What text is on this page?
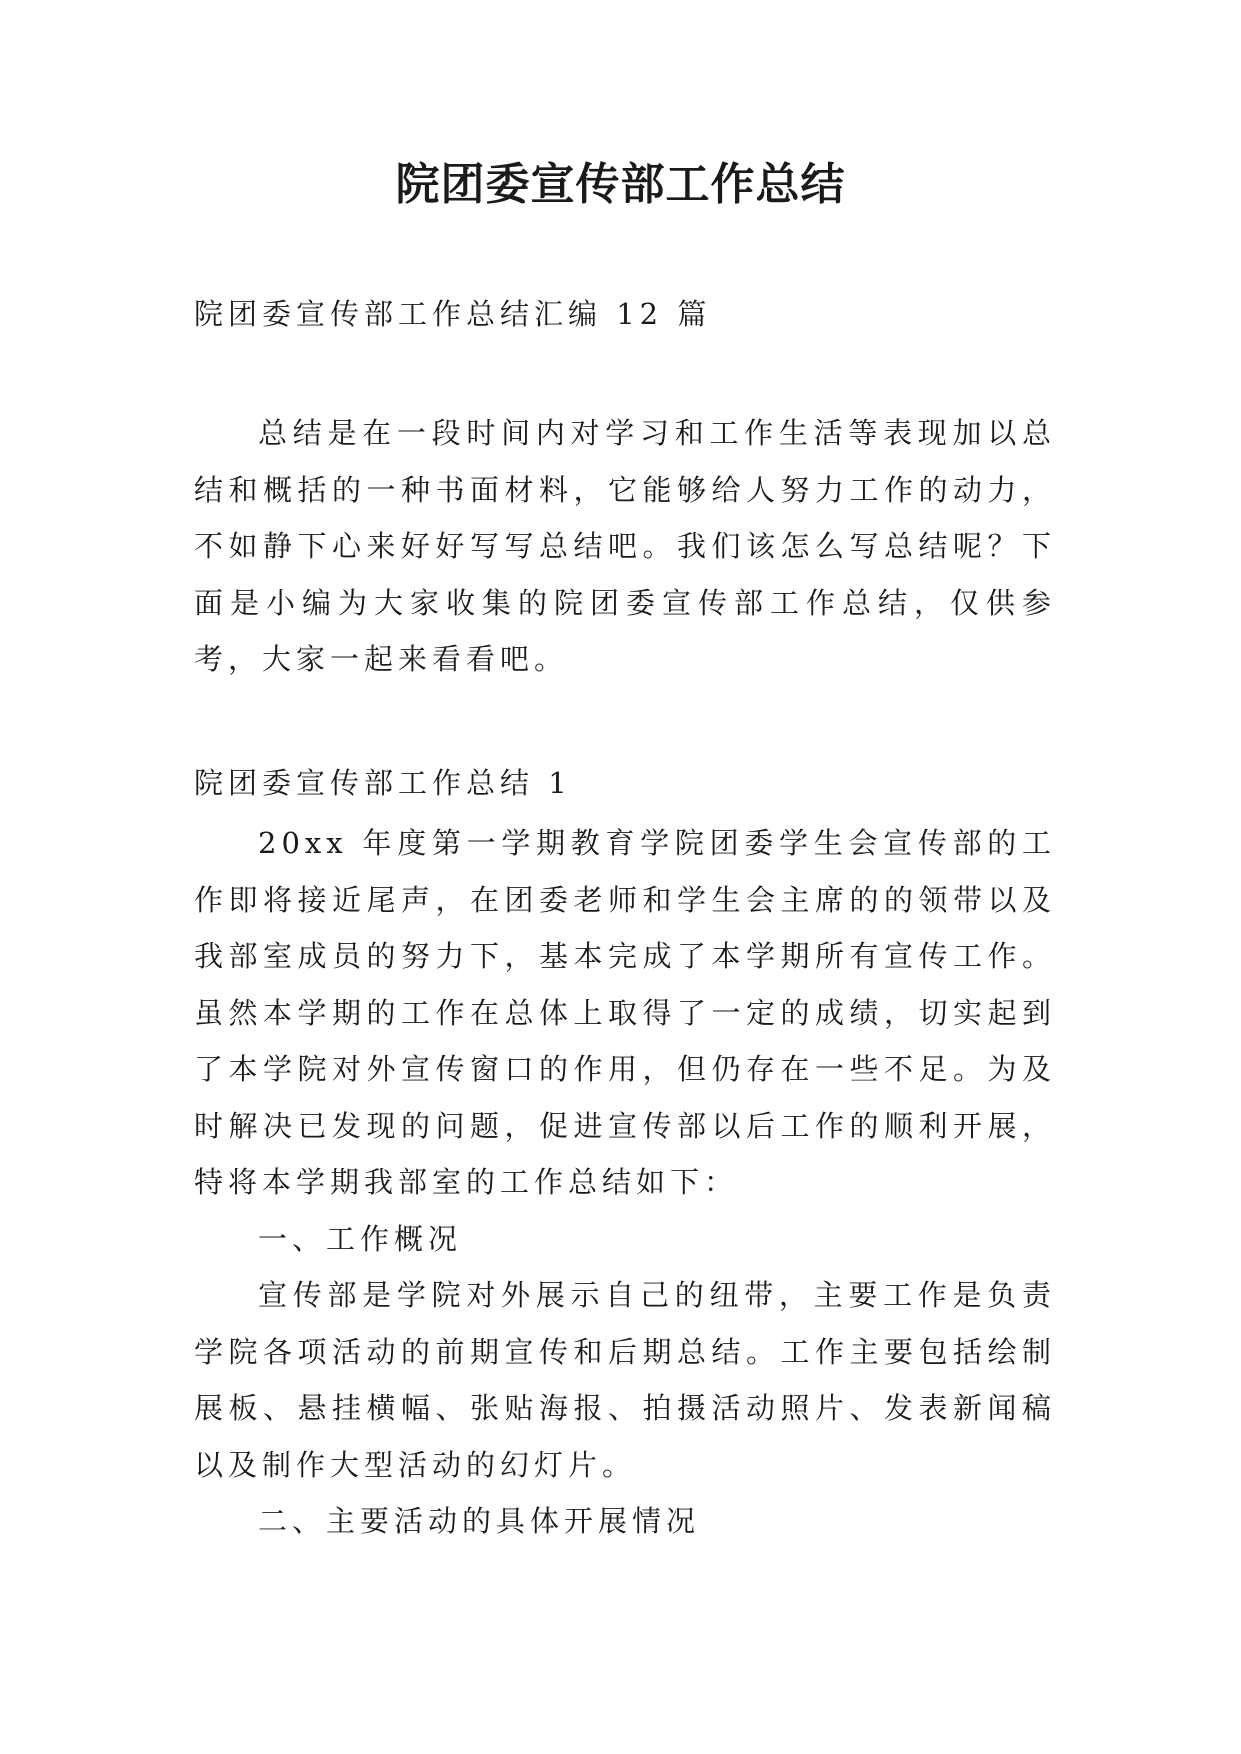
院团委宣传部工作总结

院团委宣传部工作总结汇编 12 篇

总结是在一段时间内对学习和工作生活等表现加以总结和概括的一种书面材料，它能够给人努力工作的动力，不如静下心来好好写写总结吧。我们该怎么写总结呢？下面是小编为大家收集的院团委宣传部工作总结，仅供参考，大家一起来看看吧。

院团委宣传部工作总结 1

20xx 年度第一学期教育学院团委学生会宣传部的工作即将接近尾声，在团委老师和学生会主席的的领带以及我部室成员的努力下，基本完成了本学期所有宣传工作。虽然本学期的工作在总体上取得了一定的成绩，切实起到了本学院对外宣传窗口的作用，但仍存在一些不足。为及时解决已发现的问题，促进宣传部以后工作的顺利开展，特将本学期我部室的工作总结如下：

一、工作概况

宣传部是学院对外展示自己的纽带，主要工作是负责学院各项活动的前期宣传和后期总结。工作主要包括绘制展板、悬挂横幅、张贴海报、拍摄活动照片、发表新闻稿以及制作大型活动的幻灯片。

二、主要活动的具体开展情况
